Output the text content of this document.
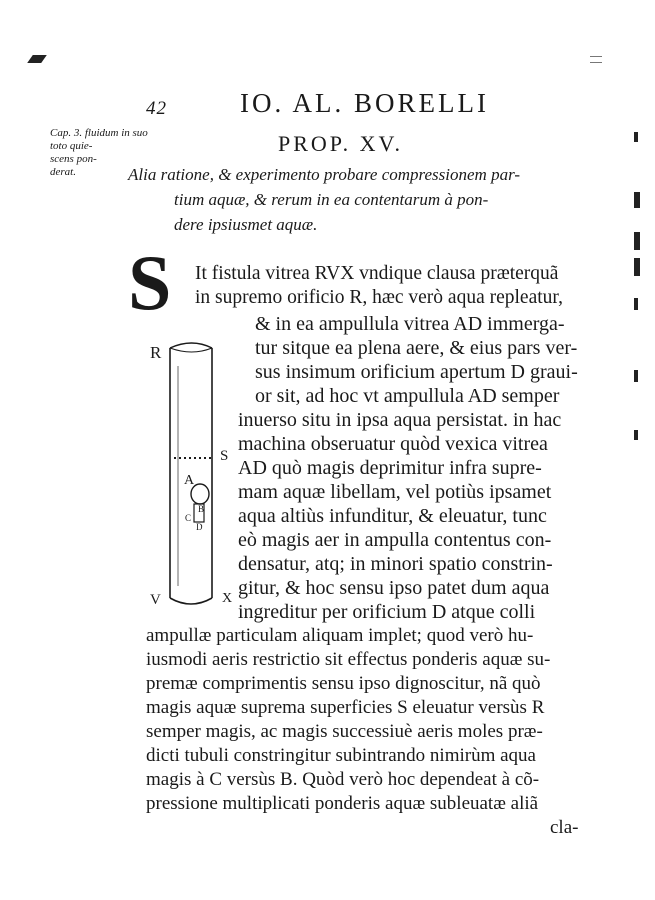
42	IO. AL. BORELLI
Cap. 3. fluidum in suo
toto quie-
scens pon-
derat.
PROP. XV.
Alia ratione, & experimento probare compressionem par-
tium aquæ, & rerum in ea contentarum à pon-
dere ipsiusmet aquæ.
S It fistula vitrea RVX vndique clausa præterquã
in supremo orificio R, hæc verò aqua repleatur,
& in ea ampullula vitrea AD immerga-
tur sitque ea plena aere, & eius pars ver-
sus insimum orificium apertum D graui-
or sit, ad hoc vt ampullula AD semper
inuerso situ in ipsa aqua persistat. in hac
machina obseruatur quòd vexica vitrea
AD quò magis deprimitur infra supre-
mam aquæ libellam, vel potiùs ipsamet
aqua altiùs infunditur, & eleuatur, tunc
eò magis aer in ampulla contentus con-
densatur, atq; in minori spatio constrin-
gitur, & hoc sensu ipso patet dum aqua
ingreditur per orificium D atque colli
ampullæ particulam aliquam implet; quod verò hu-
iusmodi aeris restrictio sit effectus ponderis aquæ su-
premæ comprimentis sensu ipso dignoscitur, nã quò
magis aquæ suprema superficies S eleuatur versùs R
semper magis, ac magis successiuè aeris moles præ-
dicti tubuli constringitur subintrando nimirùm aqua
magis à C versùs B. Quòd verò hoc dependeat à cõ-
pressione multiplicati ponderis aquæ subleuatæ aliã
cla-
R
S
A
B
C
D
V	X
